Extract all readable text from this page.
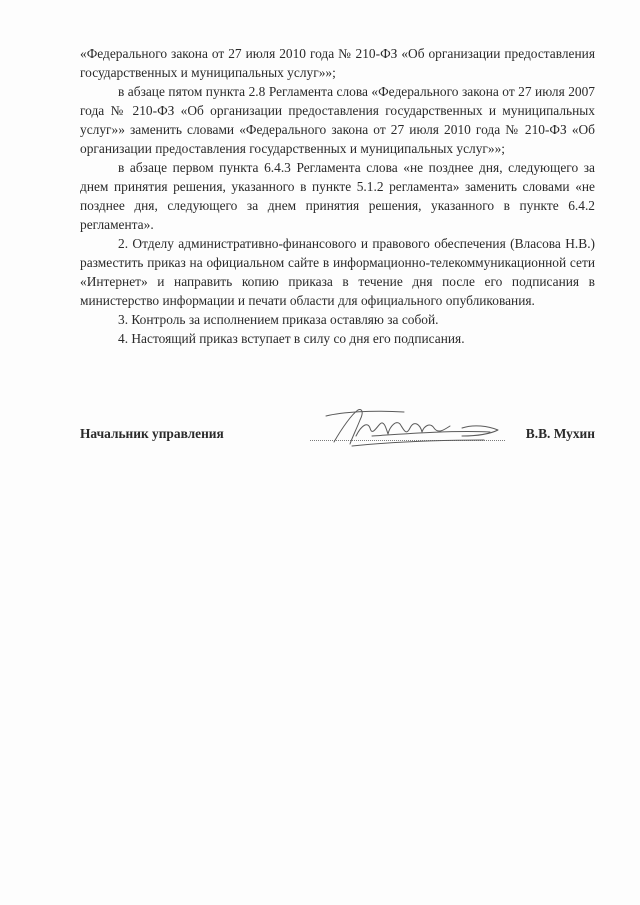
«Федерального закона от 27 июля 2010 года № 210-ФЗ «Об организации предоставления государственных и муниципальных услуг»»;

в абзаце пятом пункта 2.8 Регламента слова «Федерального закона от 27 июля 2007 года № 210-ФЗ «Об организации предоставления государственных и муниципальных услуг»» заменить словами «Федерального закона от 27 июля 2010 года № 210-ФЗ «Об организации предоставления государственных и муниципальных услуг»»;

в абзаце первом пункта 6.4.3 Регламента слова «не позднее дня, следующего за днем принятия решения, указанного в пункте 5.1.2 регламента» заменить словами «не позднее дня, следующего за днем принятия решения, указанного в пункте 6.4.2 регламента».

2. Отделу административно-финансового и правового обеспечения (Власова Н.В.) разместить приказ на официальном сайте в информационно-телекоммуникационной сети «Интернет» и направить копию приказа в течение дня после его подписания в министерство информации и печати области для официального опубликования.

3. Контроль за исполнением приказа оставляю за собой.

4. Настоящий приказ вступает в силу со дня его подписания.

Начальник управления	В.В. Мухин
